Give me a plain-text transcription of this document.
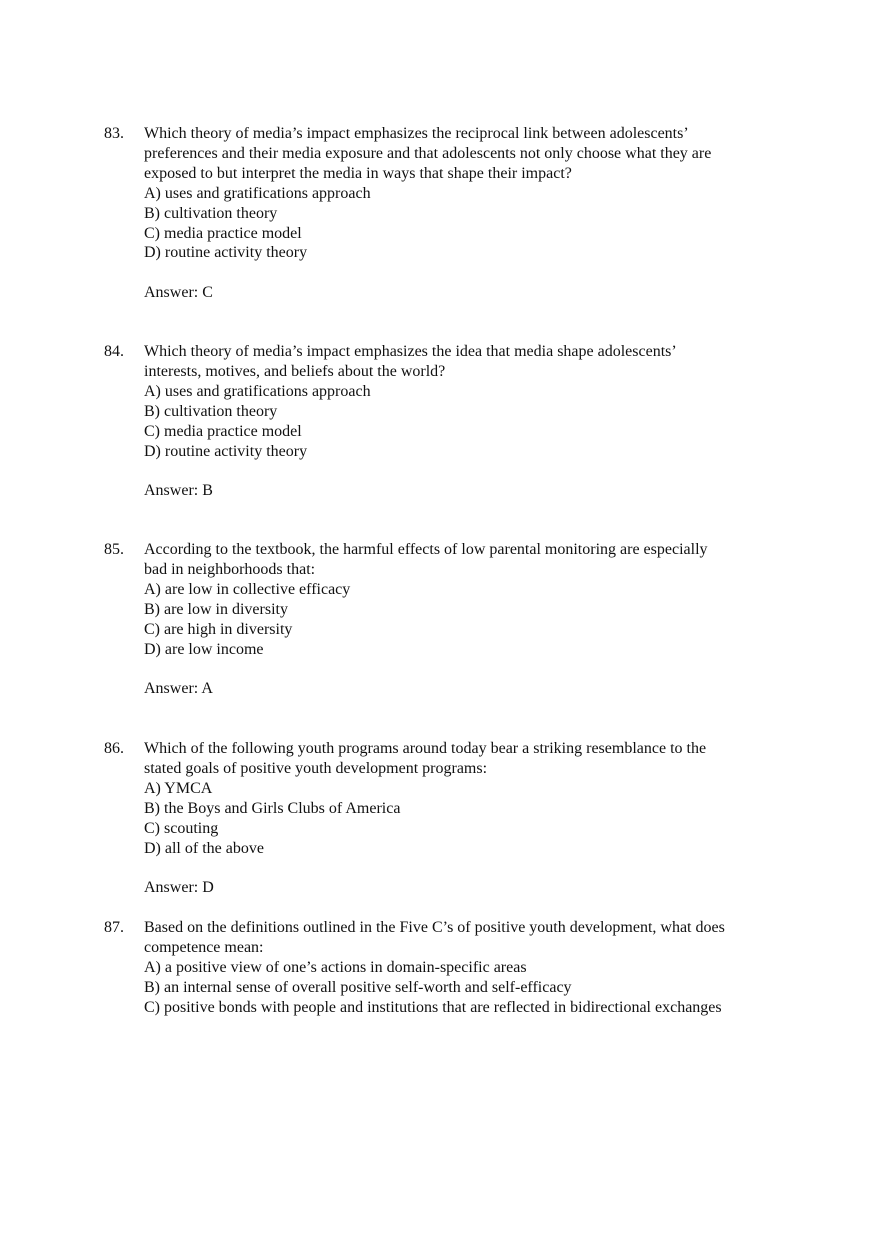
83.	Which theory of media’s impact emphasizes the reciprocal link between adolescents’
preferences and their media exposure and that adolescents not only choose what they are
exposed to but interpret the media in ways that shape their impact?
A) uses and gratifications approach
B) cultivation theory
C) media practice model
D) routine activity theory
Answer: C
84.	Which theory of media’s impact emphasizes the idea that media shape adolescents’
interests, motives, and beliefs about the world?
A) uses and gratifications approach
B) cultivation theory
C) media practice model
D) routine activity theory
Answer: B
85.	According to the textbook, the harmful effects of low parental monitoring are especially
bad in neighborhoods that:
A) are low in collective efficacy
B) are low in diversity
C) are high in diversity
D) are low income
Answer: A
86.	Which of the following youth programs around today bear a striking resemblance to the
stated goals of positive youth development programs:
A) YMCA
B) the Boys and Girls Clubs of America
C) scouting
D) all of the above
Answer: D
87.	Based on the definitions outlined in the Five C’s of positive youth development, what does
competence mean:
A) a positive view of one’s actions in domain-specific areas
B) an internal sense of overall positive self-worth and self-efficacy
C) positive bonds with people and institutions that are reflected in bidirectional exchanges
